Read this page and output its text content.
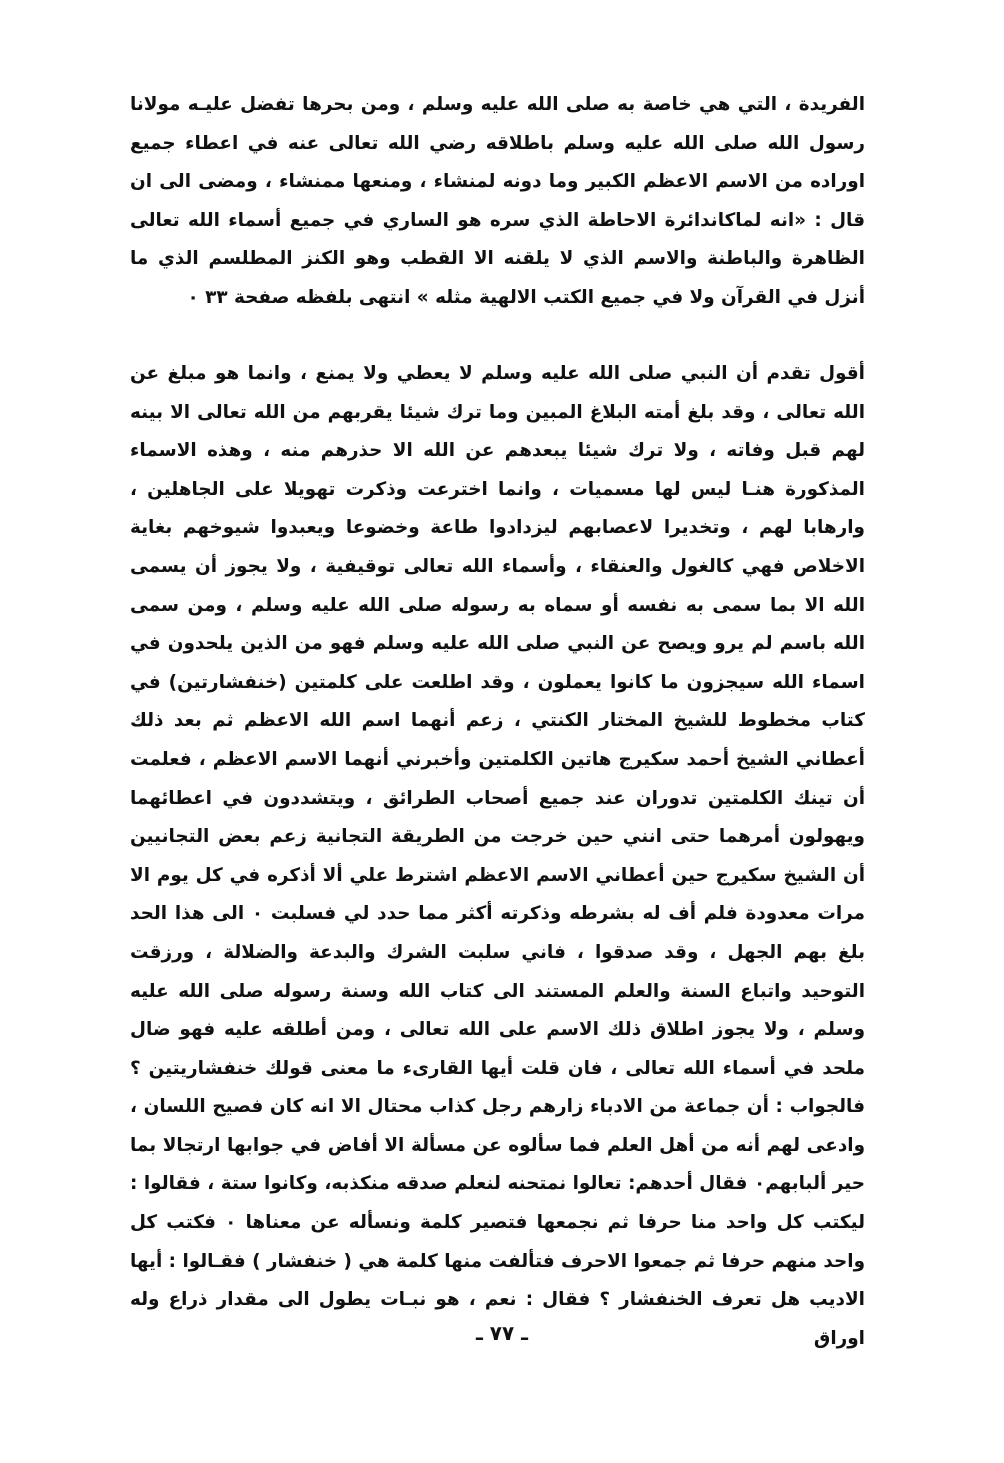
الفريدة ، التي هي خاصة به صلى الله عليه وسلم ، ومن بحرها تفضل عليـه مولانا رسول الله صلى الله عليه وسلم باطلاقه رضي الله تعالى عنه في اعطاء جميع اوراده من الاسم الاعظم الكبير وما دونه لمنشاء ، ومنعها ممنشاء ، ومضى الى ان قال : «انه لماكاندائرة الاحاطة الذي سره هو الساري في جميع أسماء الله تعالى الظاهرة والباطنة والاسم الذي لا يلقنه الا القطب وهو الكنز المطلسم الذي ما أنزل في القرآن ولا في جميع الكتب الالهية مثله » انتهى بلفظه صفحة ٣٣ ٠

أقول تقدم أن النبي صلى الله عليه وسلم لا يعطي ولا يمنع ، وانما هو مبلغ عن الله تعالى ، وقد بلغ أمته البلاغ المبين وما ترك شيئا يقربهم من الله تعالى الا بينه لهم قبل وفاته ، ولا ترك شيئا يبعدهم عن الله الا حذرهم منه ، وهذه الاسماء المذكورة هنـا ليس لها مسميات ، وانما اخترعت وذكرت تهويلا على الجاهلين ، وارهابا لهم ، وتخديرا لاعصابهم ليزدادوا طاعة وخضوعا ويعبدوا شيوخهم بغاية الاخلاص فهي كالغول والعنقاء ، وأسماء الله تعالى توقيفية ، ولا يجوز أن يسمى الله الا بما سمى به نفسه أو سماه به رسوله صلى الله عليه وسلم ، ومن سمى الله باسم لم يرو ويصح عن النبي صلى الله عليه وسلم فهو من الذين يلحدون في اسماء الله سيجزون ما كانوا يعملون ، وقد اطلعت على كلمتين (خنفشارتين) في كتاب مخطوط للشيخ المختار الكنتي ، زعم أنهما اسم الله الاعظم ثم بعد ذلك أعطاني الشيخ أحمد سكيرج هاتين الكلمتين وأخبرني أنهما الاسم الاعظم ، فعلمت أن تينك الكلمتين تدوران عند جميع أصحاب الطرائق ، ويتشددون في اعطائهما ويهولون أمرهما حتى انني حين خرجت من الطريقة التجانية زعم بعض التجانيين أن الشيخ سكيرج حين أعطاني الاسم الاعظم اشترط علي ألا أذكره في كل يوم الا مرات معدودة فلم أف له بشرطه وذكرته أكثر مما حدد لي فسلبت ٠ الى هذا الحد بلغ بهم الجهل ، وقد صدقوا ، فاني سلبت الشرك والبدعة والضلالة ، ورزقت التوحيد واتباع السنة والعلم المستند الى كتاب الله وسنة رسوله صلى الله عليه وسلم ، ولا يجوز اطلاق ذلك الاسم على الله تعالى ، ومن أطلقه عليه فهو ضال ملحد في أسماء الله تعالى ، فان قلت أيها القارىء ما معنى قولك خنفشاريتين ؟ فالجواب : أن جماعة من الادباء زارهم رجل كذاب محتال الا انه كان فصيح اللسان ، وادعى لهم أنه من أهل العلم فما سألوه عن مسألة الا أفاض في جوابها ارتجالا بما حير ألبابهم٠ فقال أحدهم: تعالوا نمتحنه لنعلم صدقه منكذبه، وكانوا ستة ، فقالوا : ليكتب كل واحد منا حرفا ثم نجمعها فتصير كلمة ونسأله عن معناها ٠ فكتب كل واحد منهم حرفا ثم جمعوا الاحرف فتألفت منها كلمة هي ( خنفشار ) فقـالوا : أيها الاديب هل تعرف الخنفشار ؟ فقال : نعم ، هو نبـات يطول الى مقدار ذراع وله اوراق

ـ ٧٧ ـ
